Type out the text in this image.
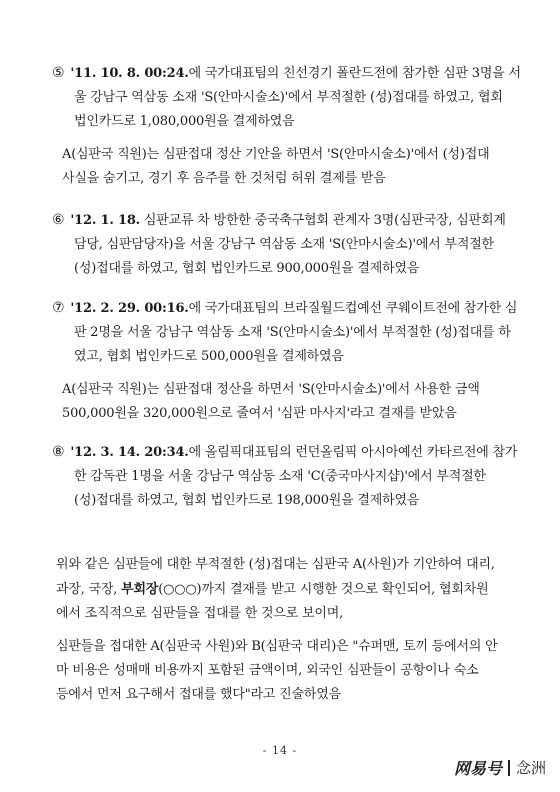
⑤ '11. 10. 8. 00:24.에 국가대표팀의 친선경기 폴란드전에 참가한 심판 3명을 서
울 강남구 역삼동 소재 'S(안마시술소)'에서 부적절한 (성)접대를 하였고, 협회
법인카드로 1,080,000원을 결제하였음
A(심판국 직원)는 심판접대 정산 기안을 하면서 'S(안마시술소)'에서 (성)접대
사실을 숨기고, 경기 후 음주를 한 것처럼 허위 결제를 받음
⑥ '12. 1. 18. 심판교류 차 방한한 중국축구협회 관계자 3명(심판국장, 심판회계
담당, 심판담당자)을 서울 강남구 역삼동 소재 'S(안마시술소)'에서 부적절한
(성)접대를 하였고, 협회 법인카드로 900,000원을 결제하였음
⑦ '12. 2. 29. 00:16.에 국가대표팀의 브라질월드컵예선 쿠웨이트전에 참가한 심
판 2명을 서울 강남구 역삼동 소재 'S(안마시술소)'에서 부적절한 (성)접대를 하
였고, 협회 법인카드로 500,000원을 결제하였음
A(심판국 직원)는 심판접대 정산을 하면서 'S(안마시술소)'에서 사용한 금액
500,000원을 320,000원으로 줄여서 '심판 마사지'라고 결재를 받았음
⑧ '12. 3. 14. 20:34.에 올림픽대표팀의 런던올림픽 아시아예선 카타르전에 참가
한 감독관 1명을 서울 강남구 역삼동 소재 'C(중국마사지샵)'에서 부적절한
(성)접대를 하였고, 협회 법인카드로 198,000원을 결제하였음
위와 같은 심판들에 대한 부적절한 (성)접대는 심판국 A(사원)가 기안하여 대리,
과장, 국장, 부회장(○○○)까지 결재를 받고 시행한 것으로 확인되어, 협회차원
에서 조직적으로 심판들을 접대를 한 것으로 보이며,
심판들을 접대한 A(심판국 사원)와 B(심판국 대리)은 "슈퍼맨, 토끼 등에서의 안
마 비용은 성매매 비용까지 포함된 금액이며, 외국인 심판들이 공항이나 숙소
등에서 먼저 요구해서 접대를 했다"라고 진술하였음
- 14 -
网易号 念洲
